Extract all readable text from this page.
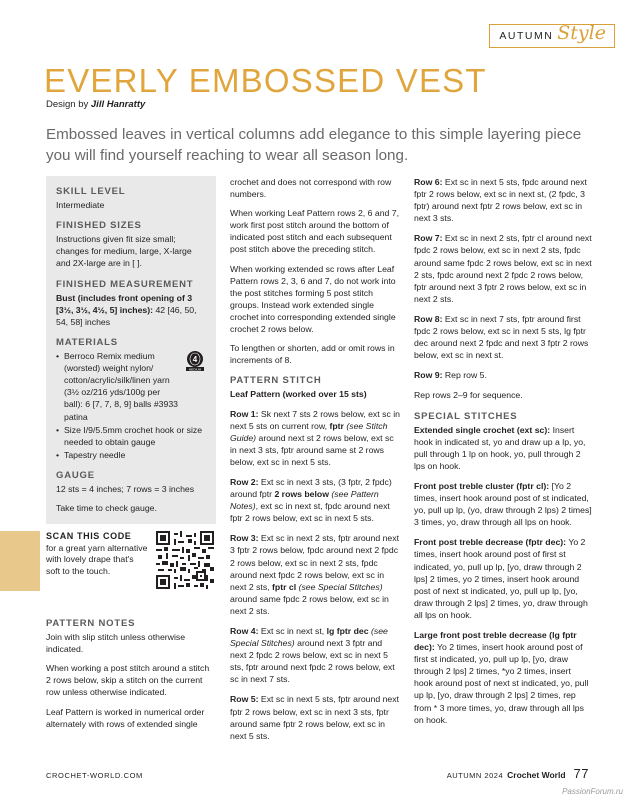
AUTUMN Style
EVERLY EMBOSSED VEST
Design by Jill Hanratty
Embossed leaves in vertical columns add elegance to this simple layering piece you will find yourself reaching to wear all season long.
SKILL LEVEL
Intermediate
FINISHED SIZES
Instructions given fit size small; changes for medium, large, X-large and 2X-large are in [ ].
FINISHED MEASUREMENT
Bust (includes front opening of 3 [3½, 3½, 4½, 5] inches): 42 [46, 50, 54, 58] inches
MATERIALS
• Berroco Remix medium (worsted) weight nylon/ cotton/acrylic/silk/linen yarn (3½ oz/216 yds/100g per ball): 6 [7, 7, 8, 9] balls #3933 patina
4
MEDIUM
• Size I/9/5.5mm crochet hook or size needed to obtain gauge
• Tapestry needle
GAUGE
12 sts = 4 inches; 7 rows = 3 inches
Take time to check gauge.
SCAN THIS CODE
for a great yarn alternative with lovely drape that's soft to the touch.
PATTERN NOTES
Join with slip stitch unless otherwise indicated.
When working a post stitch around a stitch 2 rows below, skip a stitch on the current row unless otherwise indicated.
Leaf Pattern is worked in numerical order alternately with rows of extended single
crochet and does not correspond with row numbers.
When working Leaf Pattern rows 2, 6 and 7, work first post stitch around the bottom of indicated post stitch and each subsequent post stitch above the preceding stitch.
When working extended sc rows after Leaf Pattern rows 2, 3, 6 and 7, do not work into the post stitches forming 5 post stitch groups. Instead work extended single crochet into corresponding extended single crochet 2 rows below.
To lengthen or shorten, add or omit rows in increments of 8.
PATTERN STITCH
Leaf Pattern (worked over 15 sts)
Row 1: Sk next 7 sts 2 rows below, ext sc in next 5 sts on current row, fptr (see Stitch Guide) around next st 2 rows below, ext sc in next 3 sts, fptr around same st 2 rows below, ext sc in next 5 sts.
Row 2: Ext sc in next 3 sts, (3 fptr, 2 fpdc) around fptr 2 rows below (see Pattern Notes), ext sc in next st, fpdc around next fptr 2 rows below, ext sc in next 5 sts.
Row 3: Ext sc in next 2 sts, fptr around next 3 fptr 2 rows below, fpdc around next 2 fpdc 2 rows below, ext sc in next 2 sts, fpdc around next fpdc 2 rows below, ext sc in next 2 sts, fptr cl (see Special Stitches) around same fpdc 2 rows below, ext sc in next 2 sts.
Row 4: Ext sc in next st, lg fptr dec (see Special Stitches) around next 3 fptr and next 2 fpdc 2 rows below, ext sc in next 5 sts, fptr around next fpdc 2 rows below, ext sc in next 7 sts.
Row 5: Ext sc in next 5 sts, fptr around next fptr 2 rows below, ext sc in next 3 sts, fptr around same fptr 2 rows below, ext sc in next 5 sts.
Row 6: Ext sc in next 5 sts, fpdc around next fptr 2 rows below, ext sc in next st, (2 fpdc, 3 fptr) around next fptr 2 rows below, ext sc in next 3 sts.
Row 7: Ext sc in next 2 sts, fptr cl around next fpdc 2 rows below, ext sc in next 2 sts, fpdc around same fpdc 2 rows below, ext sc in next 2 sts, fpdc around next 2 fpdc 2 rows below, fptr around next 3 fptr 2 rows below, ext sc in next 2 sts.
Row 8: Ext sc in next 7 sts, fptr around first fpdc 2 rows below, ext sc in next 5 sts, lg fptr dec around next 2 fpdc and next 3 fptr 2 rows below, ext sc in next st.
Row 9: Rep row 5.
Rep rows 2–9 for sequence.
SPECIAL STITCHES
Extended single crochet (ext sc): Insert hook in indicated st, yo and draw up a lp, yo, pull through 1 lp on hook, yo, pull through 2 lps on hook.
Front post treble cluster (fptr cl): [Yo 2 times, insert hook around post of st indicated, yo, pull up lp, (yo, draw through 2 lps) 2 times] 3 times, yo, draw through all lps on hook.
Front post treble decrease (fptr dec): Yo 2 times, insert hook around post of first st indicated, yo, pull up lp, [yo, draw through 2 lps] 2 times, yo 2 times, insert hook around post of next st indicated, yo, pull up lp, [yo, draw through 2 lps] 2 times, yo, draw through all lps on hook.
Large front post treble decrease (lg fptr dec): Yo 2 times, insert hook around post of first st indicated, yo, pull up lp, [yo, draw through 2 lps] 2 times, *yo 2 times, insert hook around post of next st indicated, yo, pull up lp, [yo, draw through 2 lps] 2 times, rep from * 3 more times, yo, draw through all lps on hook.
CROCHET-WORLD.COM	AUTUMN 2024 Crochet World 77
PassionForum.ru
